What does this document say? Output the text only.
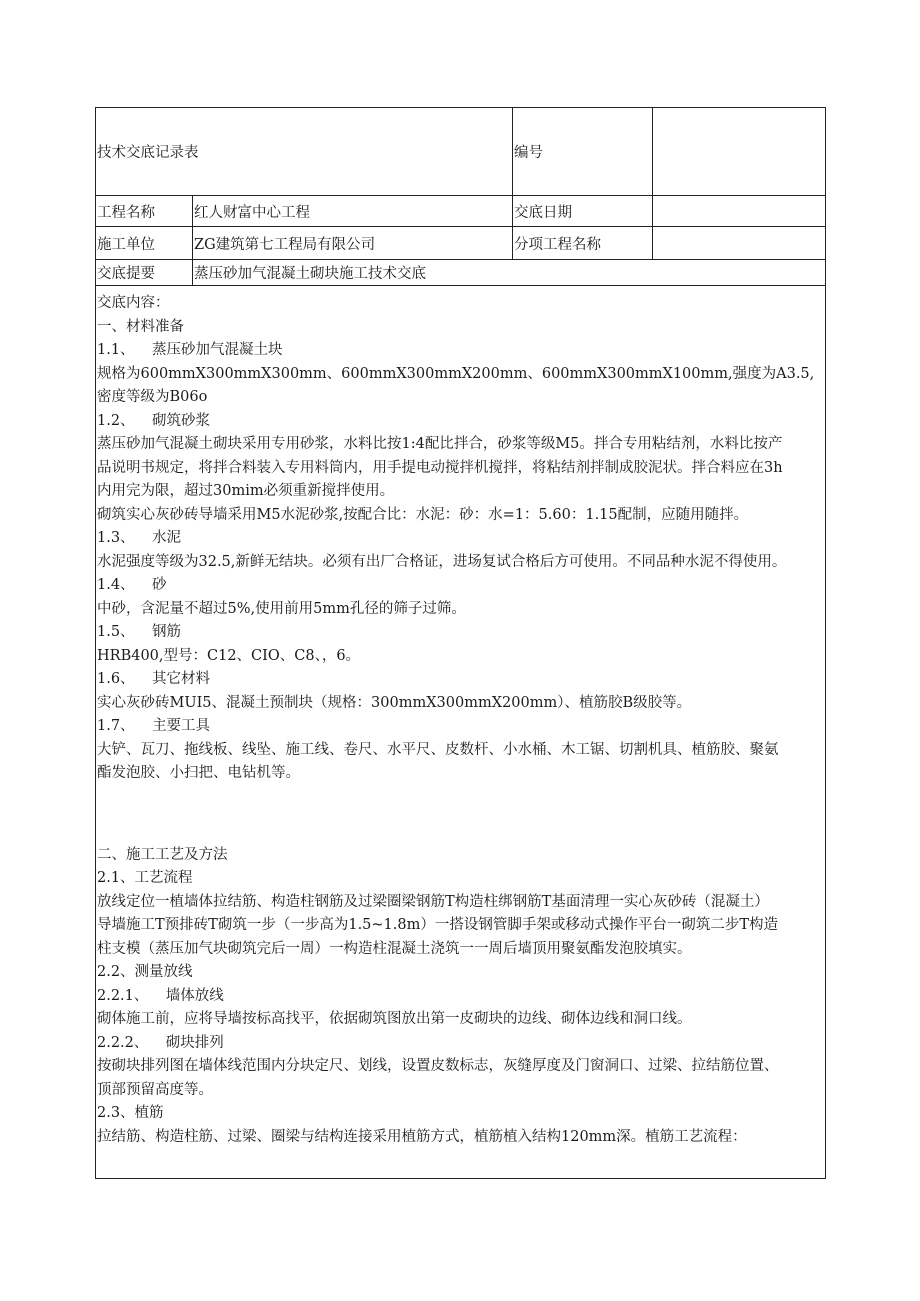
技术交底记录表	编号
工程名称	红人财富中心工程	交底日期
施工单位	ZG建筑第七工程局有限公司	分项工程名称
交底提要	蒸压砂加气混凝土砌块施工技术交底
交底内容：
一、材料准备
1.1、 蒸压砂加气混凝土块
规格为600mmX300mmX300mm、600mmX300mmX200mm、600mmX300mmX100mm,强度为A3.5,
密度等级为B06o
1.2、 砌筑砂浆
蒸压砂加气混凝土砌块采用专用砂浆，水料比按1:4配比拌合，砂浆等级M5。拌合专用粘结剂，水料比按产
品说明书规定，将拌合料装入专用料筒内，用手提电动搅拌机搅拌，将粘结剂拌制成胶泥状。拌合料应在3h
内用完为限，超过30mim必须重新搅拌使用。
砌筑实心灰砂砖导墙采用M5水泥砂浆,按配合比：水泥：砂：水=1：5.60：1.15配制，应随用随拌。
1.3、 水泥
水泥强度等级为32.5,新鲜无结块。必须有出厂合格证，进场复试合格后方可使用。不同品种水泥不得使用。
1.4、 砂
中砂，含泥量不超过5%,使用前用5mm孔径的筛子过筛。
1.5、 钢筋
HRB400,型号：C12、CIO、C8、，6。
1.6、 其它材料
实心灰砂砖MUI5、混凝土预制块（规格：300mmX300mmX200mm）、植筋胶B级胶等。
1.7、 主要工具
大铲、瓦刀、拖线板、线坠、施工线、卷尺、水平尺、皮数杆、小水桶、木工锯、切割机具、植筋胶、聚氨
酯发泡胶、小扫把、电钻机等。
二、施工工艺及方法
2.1、工艺流程
放线定位一植墙体拉结筋、构造柱钢筋及过梁圈梁钢筋T构造柱绑钢筋T基面清理一实心灰砂砖（混凝土）
导墙施工T预排砖T砌筑一步（一步高为1.5~1.8m）一搭设钢管脚手架或移动式操作平台一砌筑二步T构造
柱支模（蒸压加气块砌筑完后一周）一构造柱混凝土浇筑一一周后墙顶用聚氨酯发泡胶填实。
2.2、测量放线
2.2.1、 墙体放线
砌体施工前，应将导墙按标高找平，依据砌筑图放出第一皮砌块的边线、砌体边线和洞口线。
2.2.2、 砌块排列
按砌块排列图在墙体线范围内分块定尺、划线，设置皮数标志，灰缝厚度及门窗洞口、过梁、拉结筋位置、
顶部预留高度等。
2.3、植筋
拉结筋、构造柱筋、过梁、圈梁与结构连接采用植筋方式，植筋植入结构120mm深。植筋工艺流程：
